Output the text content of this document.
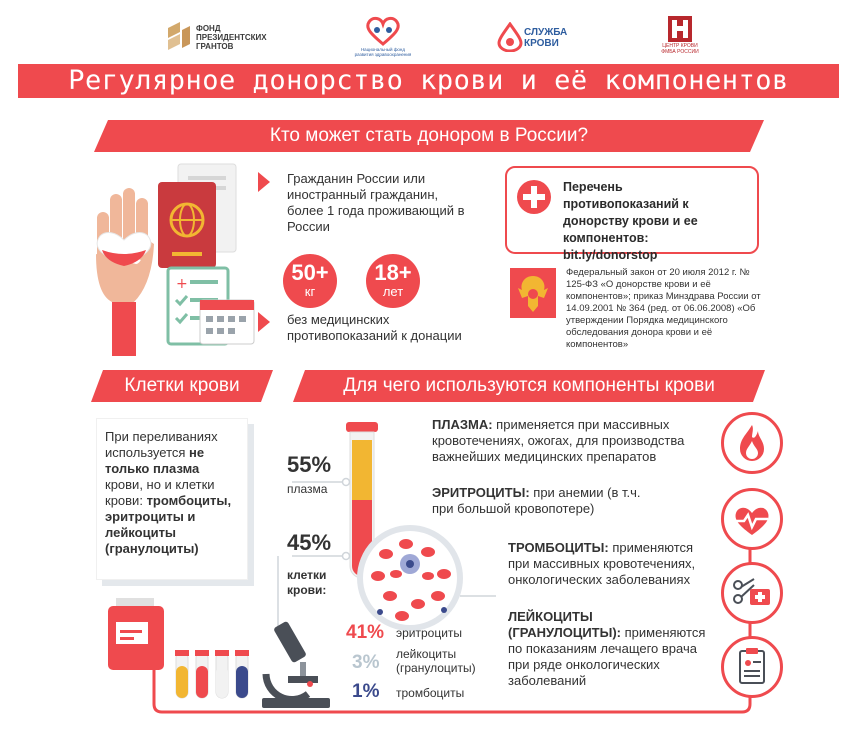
ФОНД ПРЕЗИДЕНТСКИХ ГРАНТОВ	Национальный фонд развития здравоохранения
СЛУЖБА КРОВИ	ЦЕНТР КРОВИ ФМБА РОССИИ
Регулярное донорство крови и её компонентов
Кто может стать донором в России?
+
Гражданин России или иностранный гражданин, более 1 года проживающий в России
50+
кг
18+
лет
без медицинских противопоказаний к донации
Перечень противопоказаний к донорству крови и ее компонентов: bit.ly/donorstop
Федеральный закон от 20 июля 2012 г. № 125-ФЗ «О донорстве крови и её компонентов»; приказ Минздрава России от 14.09.2001 № 364 (ред. от 06.06.2008) «Об утверждении Порядка медицинского обследования донора крови и её компонентов»
Клетки крови	Для чего используются компоненты крови
При переливаниях используется не только плазма крови, но и клетки крови: тромбоциты, эритроциты и лейкоциты (гранулоциты)
55%
плазма
45%
клетки крови:
41% эритроциты
3% лейкоциты (гранулоциты)
1% тромбоциты
ПЛАЗМА: применяется при массивных кровотечениях, ожогах, для производства важнейших медицинских препаратов
ЭРИТРОЦИТЫ: при анемии (в т.ч. при большой кровопотере)
ТРОМБОЦИТЫ: применяются при массивных кровотечениях, онкологических заболеваниях
ЛЕЙКОЦИТЫ (ГРАНУЛОЦИТЫ): применяются по показаниям лечащего врача при ряде онкологических заболеваний
